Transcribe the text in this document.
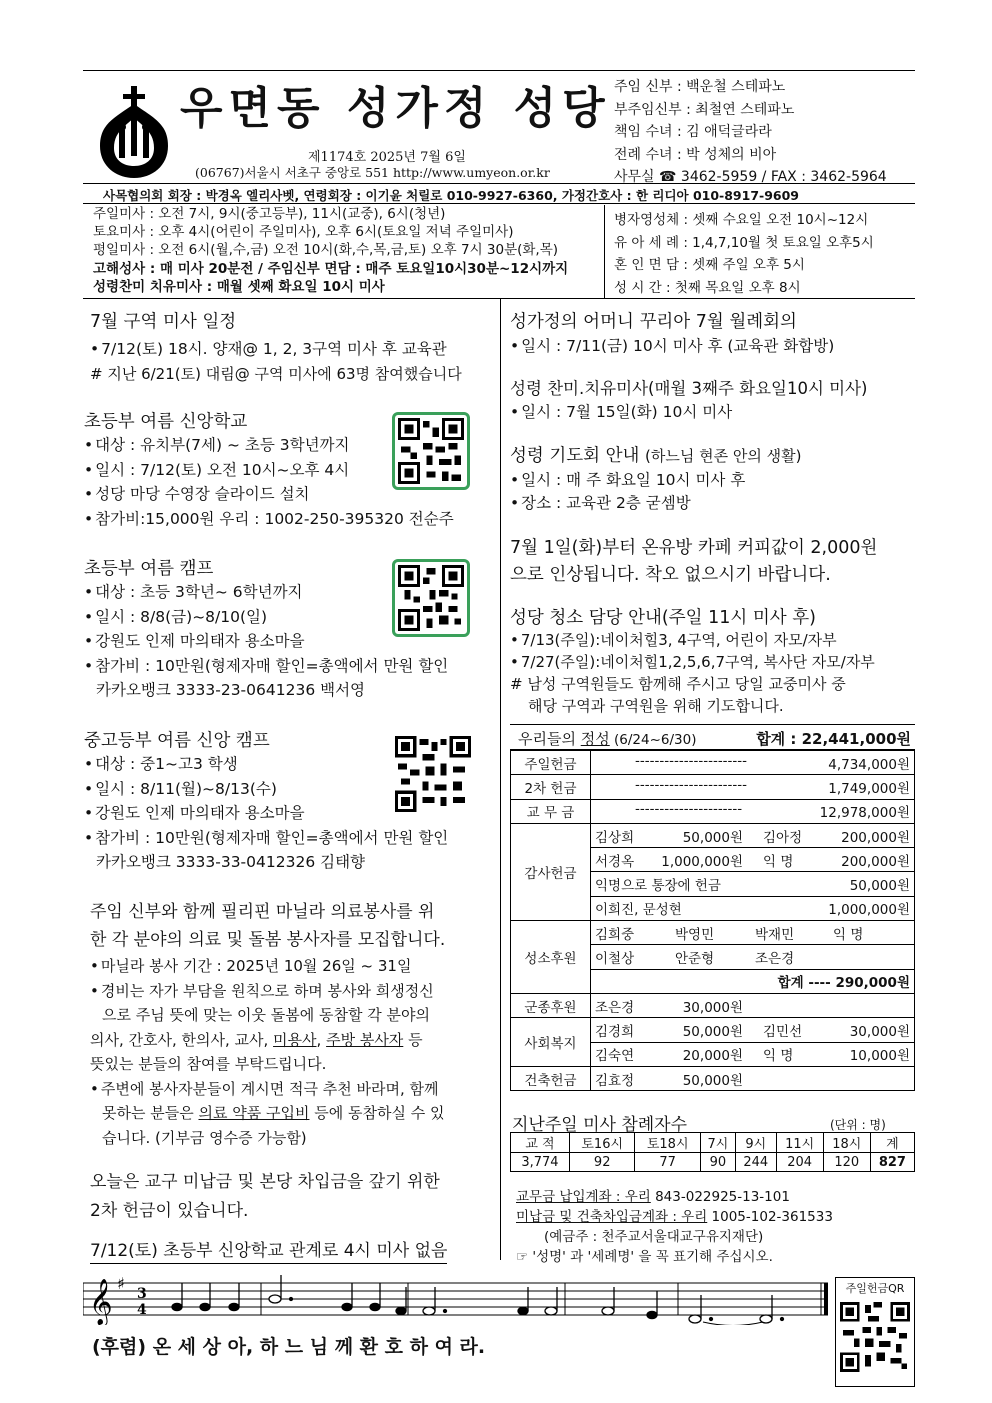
우면동 성가정 성당
제1174호 2025년 7월 6일
(06767)서울시 서초구 중앙로 551 http://www.umyeon.or.kr
주임 신부 : 백운철 스테파노
부주임신부 : 최철연 스테파노
책임 수녀 : 김 애덕글라라
전례 수녀 : 박 성체의 비아
사무실 ☎ 3462-5959 / FAX : 3462-5964
사목협의회 회장 : 박경옥 엘리사벳, 연령회장 : 이기윤 처릴로 010-9927-6360, 가정간호사 : 한 리디아 010-8917-9609
주일미사 : 오전 7시, 9시(중고등부), 11시(교중), 6시(청년)
토요미사 : 오후 4시(어린이 주일미사), 오후 6시(토요일 저녁 주일미사)
평일미사 : 오전 6시(월,수,금) 오전 10시(화,수,목,금,토) 오후 7시 30분(화,목)
고해성사 : 매 미사 20분전 / 주임신부 면담 : 매주 토요일10시30분~12시까지
성령찬미 치유미사 : 매월 셋째 화요일 10시 미사
병자영성체 : 셋째 수요일 오전 10시~12시
유 아 세 례 : 1,4,7,10월 첫 토요일 오후5시
혼 인 면 담 : 셋째 주일 오후 5시
성 시 간 : 첫째 목요일 오후 8시
7월 구역 미사 일정
• 7/12(토) 18시. 양재@ 1, 2, 3구역 미사 후 교육관
# 지난 6/21(토) 대림@ 구역 미사에 63명 참여했습니다
초등부 여름 신앙학교
• 대상 : 유치부(7세) ~ 초등 3학년까지
• 일시 : 7/12(토) 오전 10시~오후 4시
• 성당 마당 수영장 슬라이드 설치
• 참가비:15,000원 우리 : 1002-250-395320 전순주
초등부 여름 캠프
• 대상 : 초등 3학년~ 6학년까지
• 일시 : 8/8(금)~8/10(일)
• 강원도 인제 마의태자 용소마을
• 참가비 : 10만원(형제자매 할인=총액에서 만원 할인
카카오뱅크 3333-23-0641236 백서영
중고등부 여름 신앙 캠프
• 대상 : 중1~고3 학생
• 일시 : 8/11(월)~8/13(수)
• 강원도 인제 마의태자 용소마을
• 참가비 : 10만원(형제자매 할인=총액에서 만원 할인
카카오뱅크 3333-33-0412326 김태향
주임 신부와 함께 필리핀 마닐라 의료봉사를 위
한 각 분야의 의료 및 돌봄 봉사자를 모집합니다.
• 마닐라 봉사 기간 : 2025년 10월 26일 ~ 31일
• 경비는 자가 부담을 원칙으로 하며 봉사와 희생정신
으로 주님 뜻에 맞는 이웃 돌봄에 동참할 각 분야의
의사, 간호사, 한의사, 교사, 미용사, 주방 봉사자 등
뜻있는 분들의 참여를 부탁드립니다.
• 주변에 봉사자분들이 계시면 적극 추천 바라며, 함께
못하는 분들은 의료 약품 구입비 등에 동참하실 수 있
습니다. (기부금 영수증 가능함)
오늘은 교구 미납금 및 본당 차입금을 갚기 위한
2차 헌금이 있습니다.
7/12(토) 초등부 신앙학교 관계로 4시 미사 없음
성가정의 어머니 꾸리아 7월 월례회의
• 일시 : 7/11(금) 10시 미사 후 (교육관 화합방)
성령 찬미.치유미사(매월 3째주 화요일10시 미사)
• 일시 : 7월 15일(화) 10시 미사
성령 기도회 안내 (하느님 현존 안의 생활)
• 일시 : 매 주 화요일 10시 미사 후
• 장소 : 교육관 2층 굳셈방
7월 1일(화)부터 온유방 카페 커피값이 2,000원
으로 인상됩니다. 착오 없으시기 바랍니다.
성당 청소 담당 안내(주일 11시 미사 후)
• 7/13(주일):네이처힐3, 4구역, 어린이 자모/자부
• 7/27(주일):네이처힐1,2,5,6,7구역, 복사단 자모/자부
# 남성 구역원들도 함께해 주시고 당일 교중미사 중
해당 구역과 구역원을 위해 기도합니다.
우리들의 정성 (6/24~6/30)	합계 : 22,441,000원
주일헌금	----------------------- 4,734,000원

2차 헌금	----------------------- 1,749,000원

교 무 금	---------------------- 12,978,000원

감사헌금	김상희 50,000원 김아정 200,000원

	서경옥 1,000,000원 익 명 200,000원

	익명으로 통장에 헌금 50,000원

	이희진, 문성현 1,000,000원

성소후원	김희중 박영민 박재민 익 명
	이철상 안준형 조은경
	합계 ---- 290,000원
군종후원	조은경 30,000원
사회복지	김경희 50,000원 김민선 30,000원

	김숙연 20,000원 익 명 10,000원

건축헌금	김효정 50,000원
지난주일 미사 참례자수	(단위 : 명)
교 적	토16시	토18시	7시	9시	11시	18시	계
3,774	92	77	90	244	204	120	827
교무금 납입계좌 : 우리 843-022925-13-101
미납금 및 건축차입금계좌 : 우리 1005-102-361533
(예금주 : 천주교서울대교구유지재단)
☞ '성명' 과 '세례명' 을 꼭 표기해 주십시오.
𝄞 ♯
3
4
(후렴) 온 세 상 아, 하 느 님 께 환 호 하 여 라.
주일헌금QR
